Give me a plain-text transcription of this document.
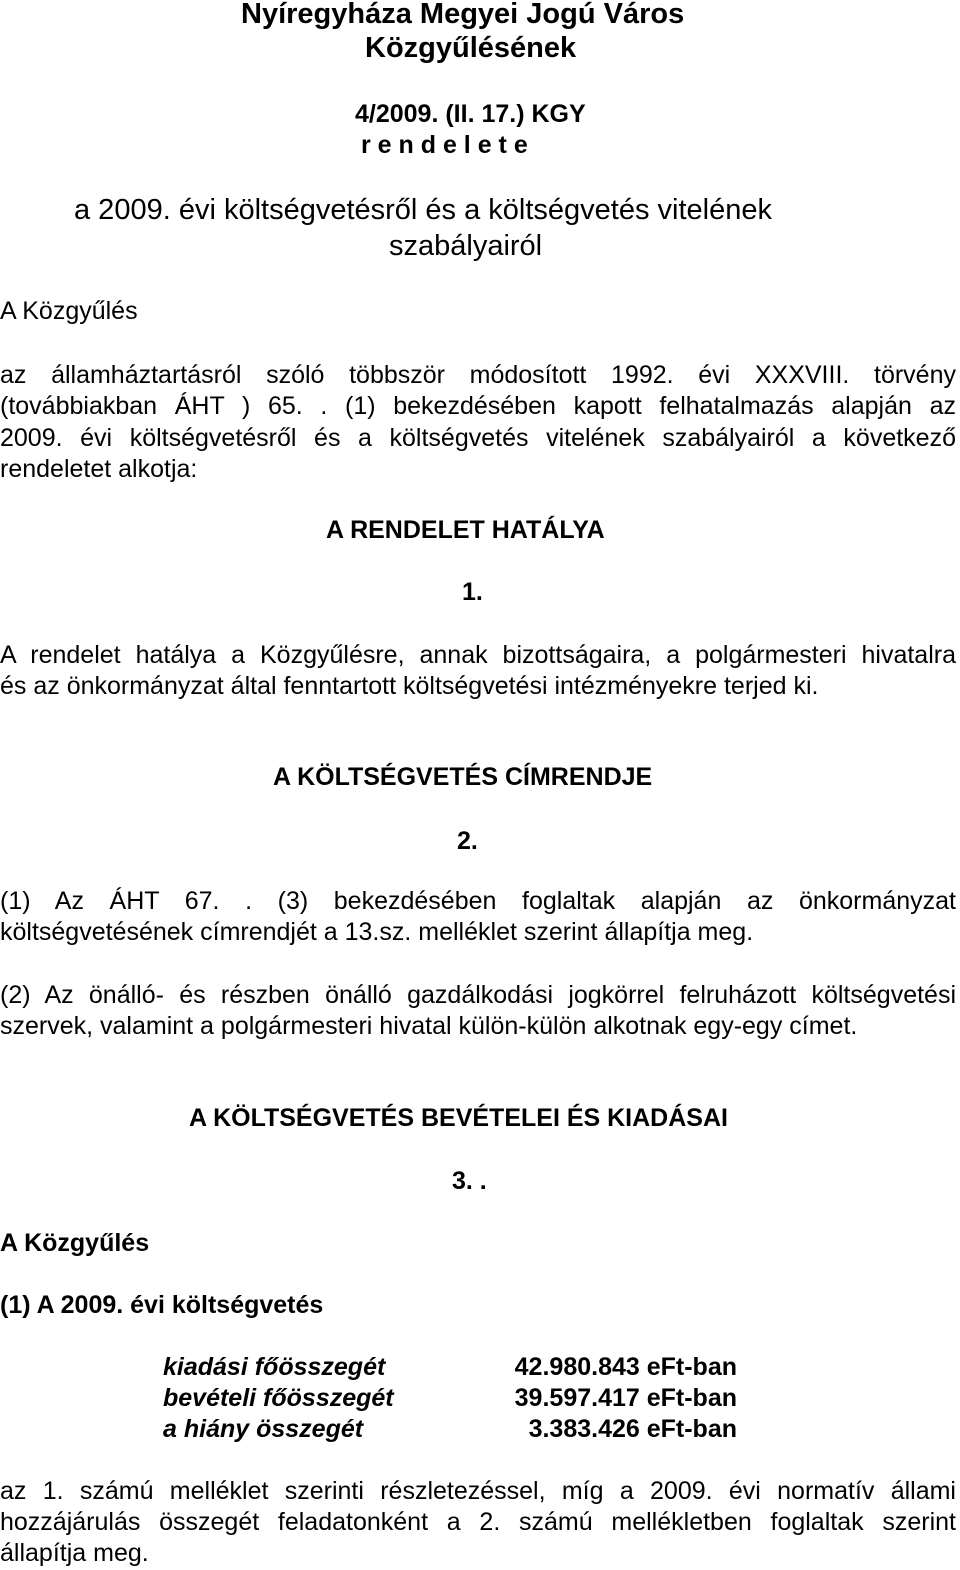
Nyíregyháza Megyei Jogú Város
Közgyűlésének
4/2009. (II. 17.) KGY
r e n d e l e t e
a 2009. évi költségvetésről és a költségvetés vitelének
szabályairól
A Közgyűlés
az államháztartásról szóló többször módosított 1992. évi XXXVIII. törvény
(továbbiakban ÁHT ) 65. . (1) bekezdésében kapott felhatalmazás alapján az
2009. évi költségvetésről és a költségvetés vitelének szabályairól a következő
rendeletet alkotja:
A RENDELET HATÁLYA
1.
A rendelet hatálya a Közgyűlésre, annak bizottságaira, a polgármesteri hivatalra
és az önkormányzat által fenntartott költségvetési intézményekre terjed ki.
A KÖLTSÉGVETÉS CÍMRENDJE
2.
(1) Az ÁHT 67. . (3) bekezdésében foglaltak alapján az önkormányzat
költségvetésének címrendjét a 13.sz. melléklet szerint állapítja meg.
(2) Az önálló- és részben önálló gazdálkodási jogkörrel felruházott költségvetési
szervek, valamint a polgármesteri hivatal külön-külön alkotnak egy-egy címet.
A KÖLTSÉGVETÉS BEVÉTELEI ÉS KIADÁSAI
3. .
A Közgyűlés
(1) A 2009. évi költségvetés
kiadási főösszegét	42.980.843 eFt-ban
bevételi főösszegét	39.597.417 eFt-ban
a hiány összegét	3.383.426 eFt-ban
az 1. számú melléklet szerinti részletezéssel, míg a 2009. évi normatív állami
hozzájárulás összegét feladatonként a 2. számú mellékletben foglaltak szerint
állapítja meg.
